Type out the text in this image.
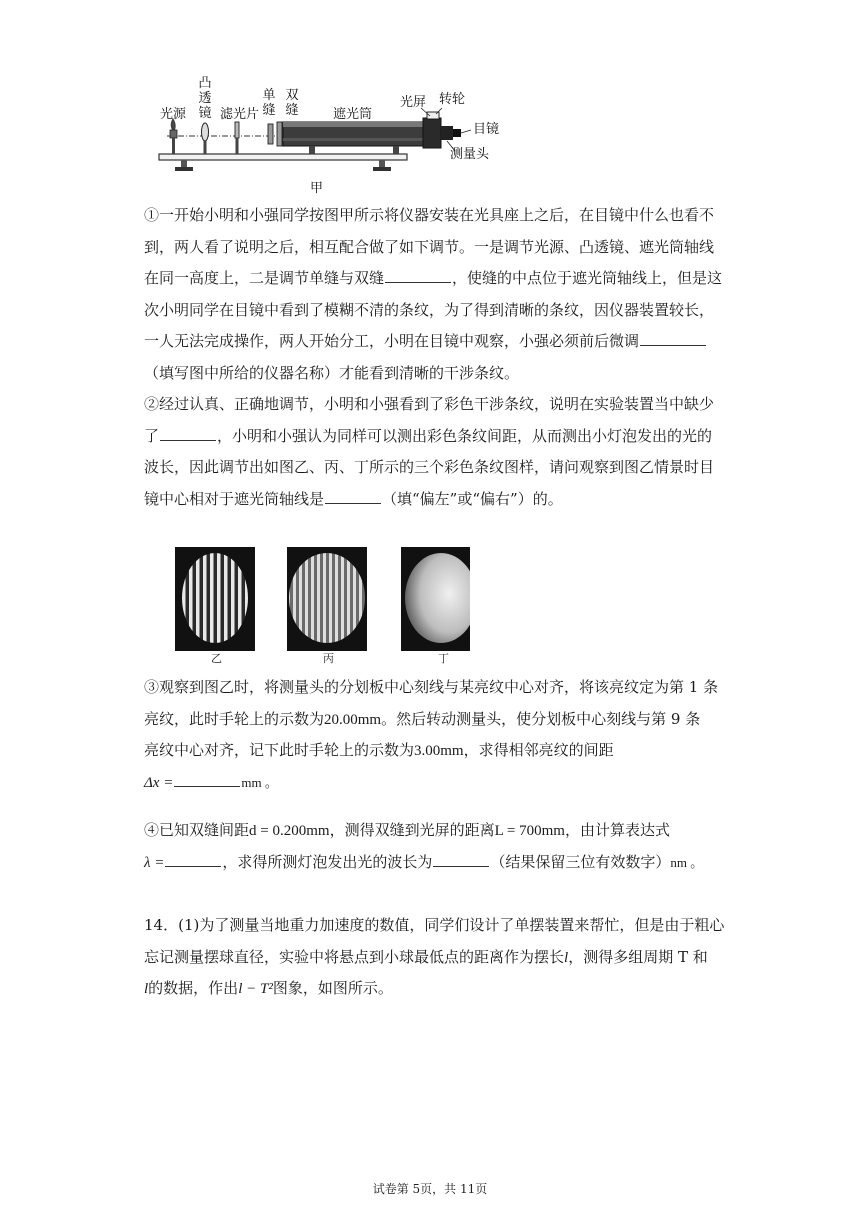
光源
凸透镜 滤光片
单缝
双缝	遮光筒
光屏 转轮
目镜
测量头
甲
①一开始小明和小强同学按图甲所示将仪器安装在光具座上之后，在目镜中什么也看不
到，两人看了说明之后，相互配合做了如下调节。一是调节光源、凸透镜、遮光筒轴线
在同一高度上，二是调节单缝与双缝	，使缝的中点位于遮光筒轴线上，但是这
次小明同学在目镜中看到了模糊不清的条纹，为了得到清晰的条纹，因仪器装置较长，
一人无法完成操作，两人开始分工，小明在目镜中观察，小强必须前后微调
（填写图中所给的仪器名称）才能看到清晰的干涉条纹。
②经过认真、正确地调节，小明和小强看到了彩色干涉条纹，说明在实验装置当中缺少
了	，小明和小强认为同样可以测出彩色条纹间距，从而测出小灯泡发出的光的
波长，因此调节出如图乙、丙、丁所示的三个彩色条纹图样，请问观察到图乙情景时目
镜中心相对于遮光筒轴线是	（填“偏左”或“偏右”）的。
乙	丙	丁
③观察到图乙时，将测量头的分划板中心刻线与某亮纹中心对齐，将该亮纹定为第 1 条
亮纹，此时手轮上的示数为20.00mm。然后转动测量头，使分划板中心刻线与第 9 条
亮纹中心对齐，记下此时手轮上的示数为3.00mm，求得相邻亮纹的间距
Δx =	mm 。
④已知双缝间距d = 0.200mm，测得双缝到光屏的距离L = 700mm，由计算表达式
λ =	，求得所测灯泡发出光的波长为	（结果保留三位有效数字）nm 。
14．(1)为了测量当地重力加速度的数值，同学们设计了单摆装置来帮忙，但是由于粗心
忘记测量摆球直径，实验中将悬点到小球最低点的距离作为摆长l，测得多组周期 T 和
l的数据，作出l − T²图象，如图所示。
试卷第 5页，共 11页
